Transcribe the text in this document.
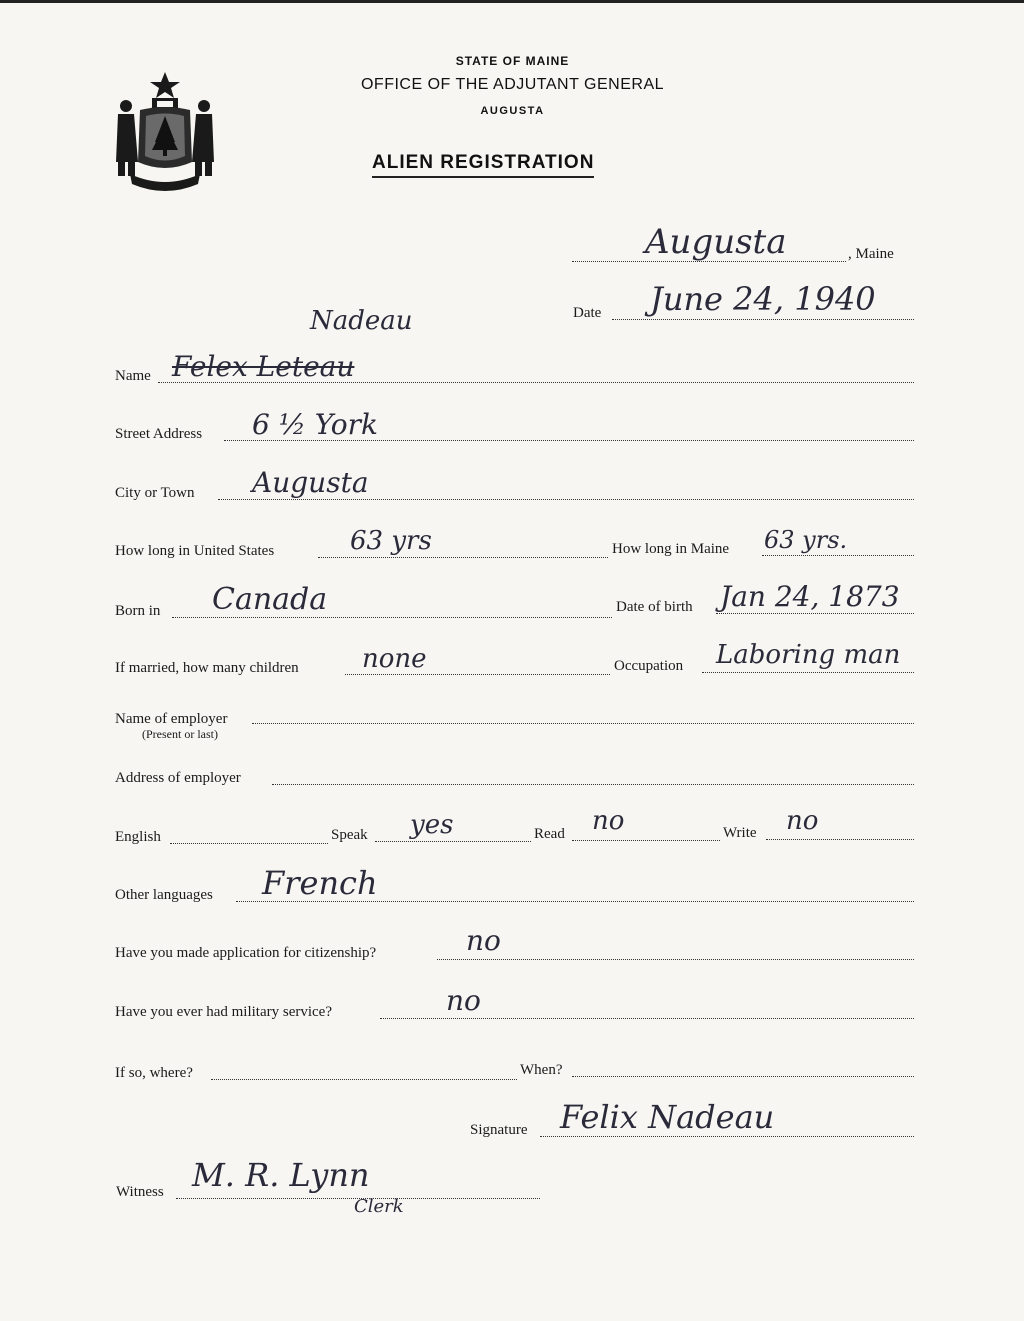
STATE OF MAINE
OFFICE OF THE ADJUTANT GENERAL
AUGUSTA
ALIEN REGISTRATION
Augusta	, Maine
Date June 24, 1940
Nadeau
Name Felex Leteau
Street Address 6 ½ York
City or Town Augusta
How long in United States	63 yrs	How long in Maine 63 yrs.
Born in Canada	Date of birth Jan 24, 1873
If married, how many children none	Occupation Laboring man
Name of employer
(Present or last)
Address of employer
English	Speak yes	Read no	Write no
Other languages French
Have you made application for citizenship?	no
Have you ever had military service?	no
If so, where?	When?
Signature Felix Nadeau
Witness M. R. Lynn
Clerk
